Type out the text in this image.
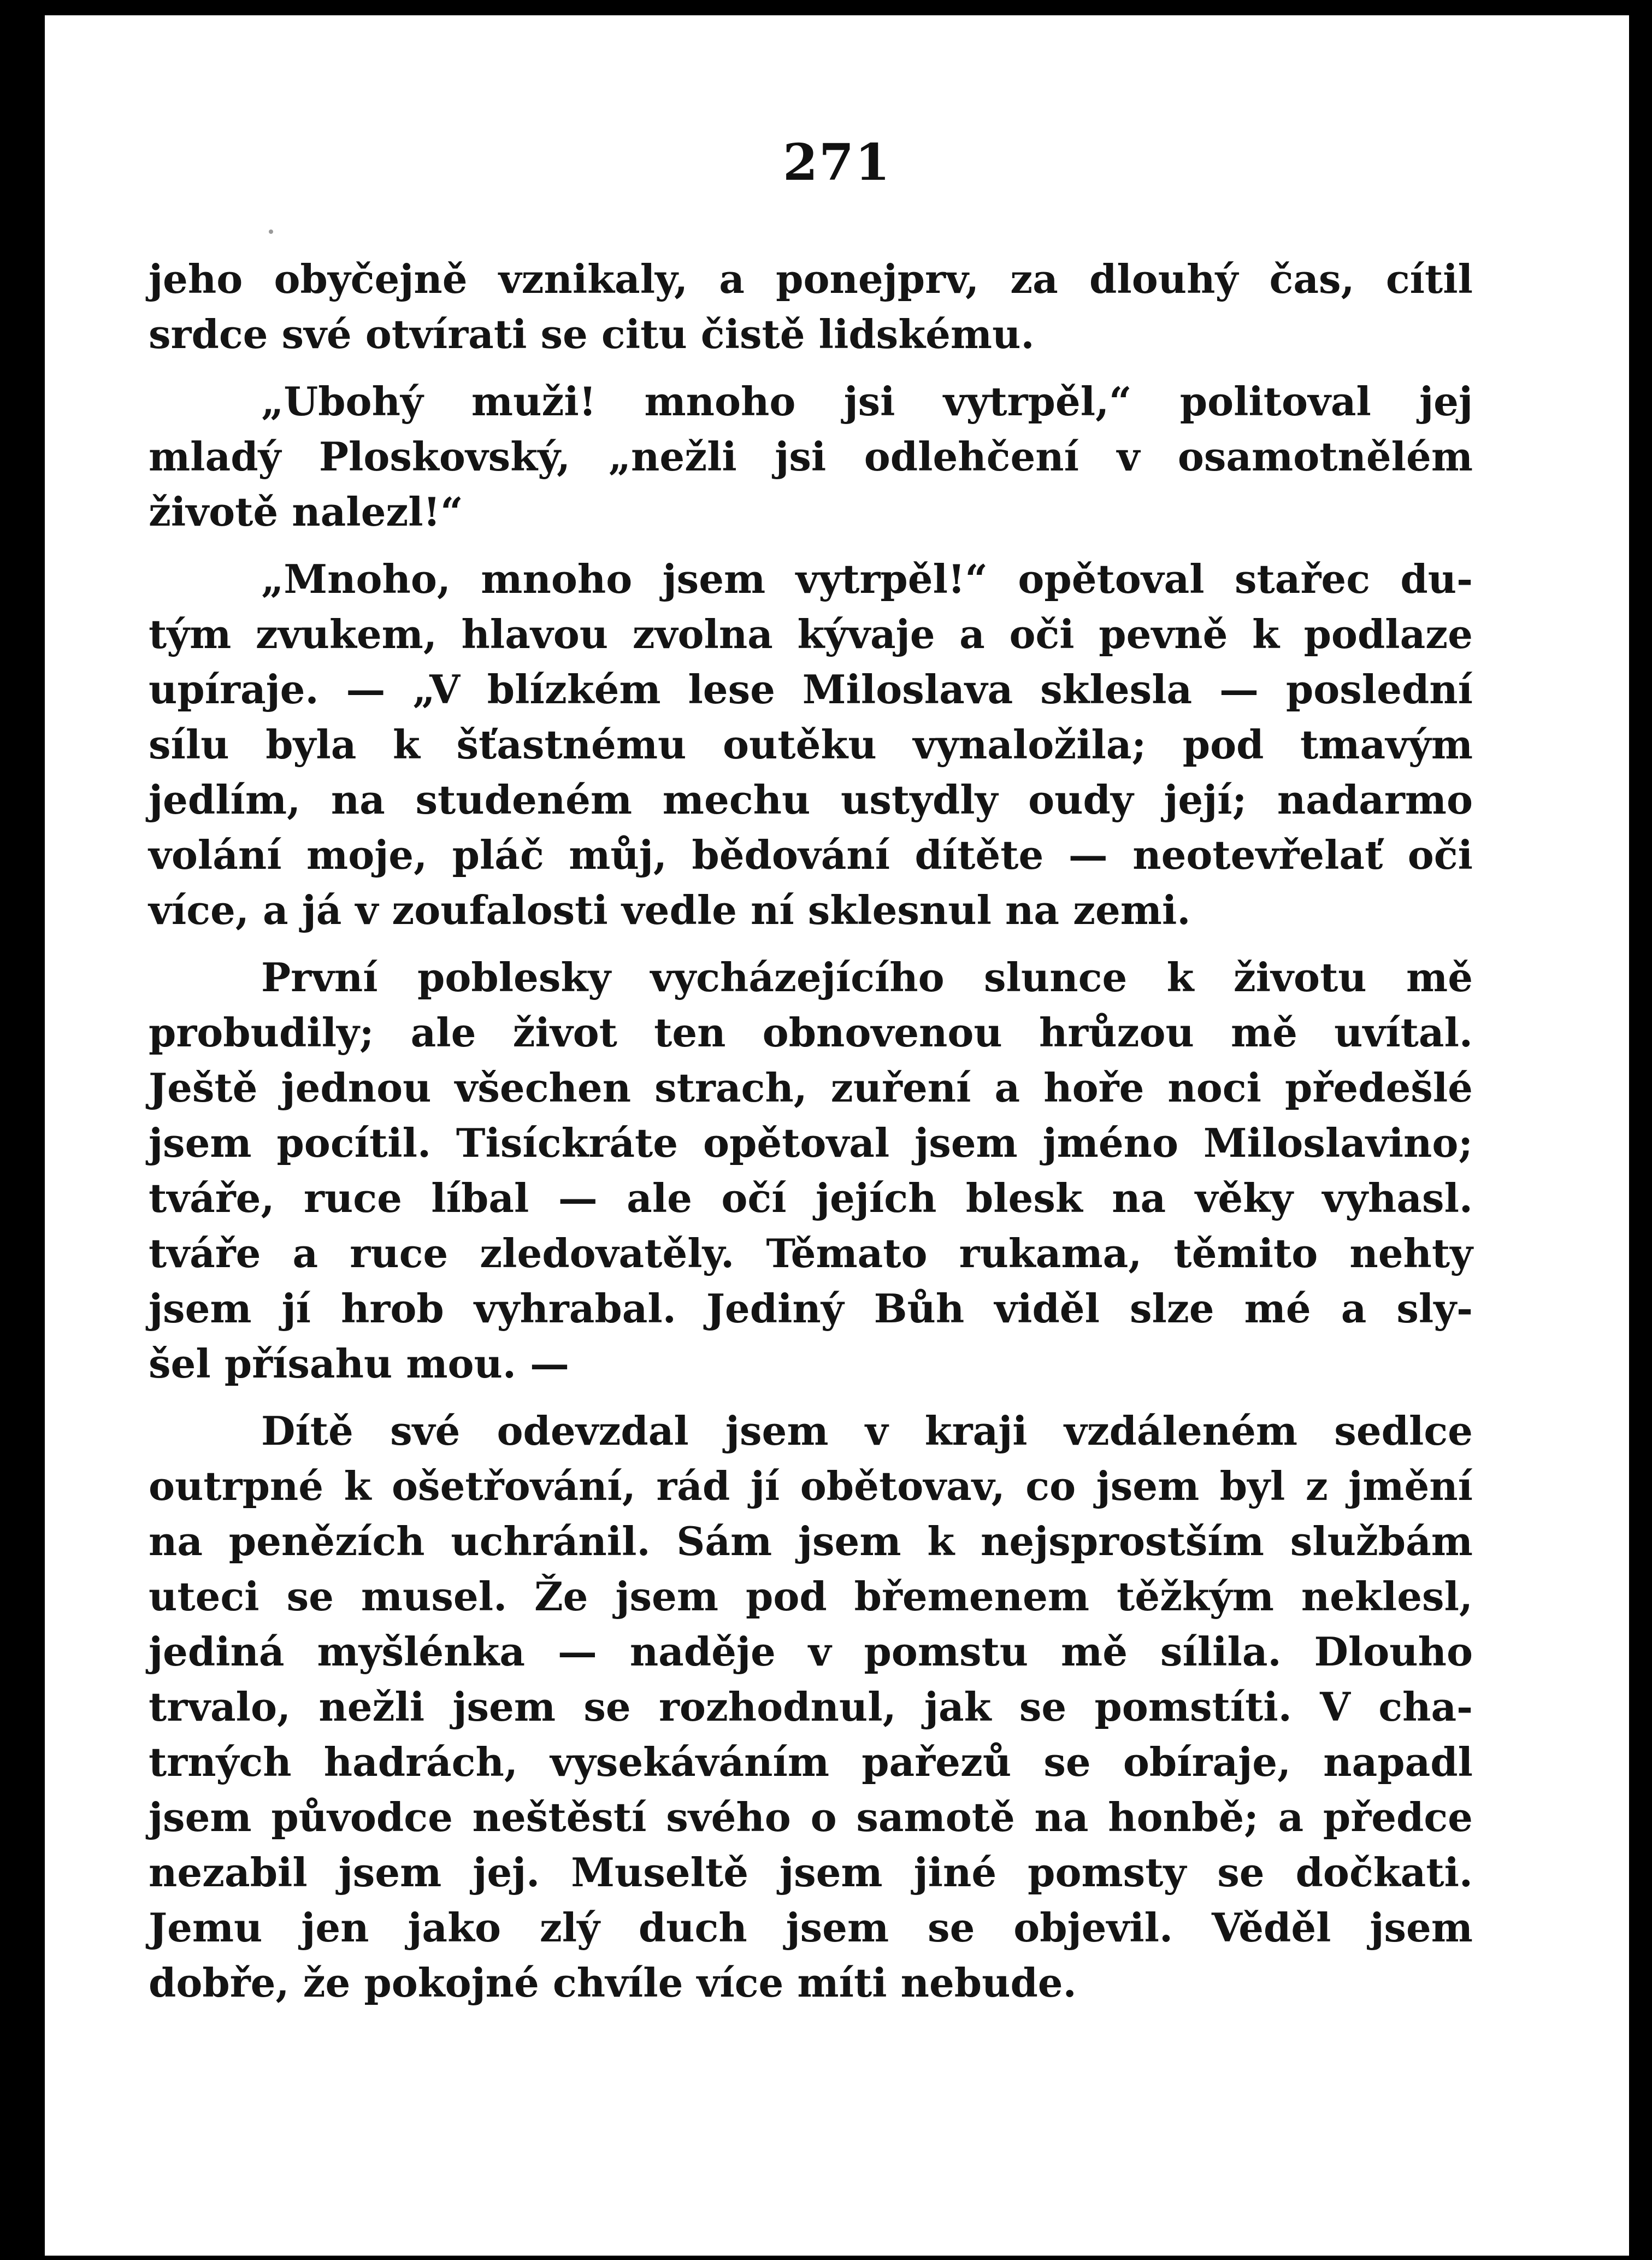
271

jeho obyčejně vznikaly, a ponejprv, za dlouhý čas, cítil
srdce své otvírati se citu čistě lidskému.

„Ubohý muži! mnoho jsi vytrpěl,“ politoval jej
mladý Ploskovský, „nežli jsi odlehčení v osamotnělém
životě nalezl!“

„Mnoho, mnoho jsem vytrpěl!“ opětoval stařec du-
tým zvukem, hlavou zvolna kývaje a oči pevně k podlaze
upíraje. — „V blízkém lese Miloslava sklesla — poslední
sílu byla k šťastnému outěku vynaložila; pod tmavým
jedlím, na studeném mechu ustydly oudy její; nadarmo
volání moje, pláč můj, bědování dítěte — neotevřelať oči
více, a já v zoufalosti vedle ní sklesnul na zemi.

První poblesky vycházejícího slunce k životu mě
probudily; ale život ten obnovenou hrůzou mě uvítal.
Ještě jednou všechen strach, zuření a hoře noci předešlé
jsem pocítil. Tisíckráte opětoval jsem jméno Miloslavino;
tváře, ruce líbal — ale očí jejích blesk na věky vyhasl.
tváře a ruce zledovatěly. Těmato rukama, těmito nehty
jsem jí hrob vyhrabal. Jediný Bůh viděl slze mé a sly-
šel přísahu mou. —

Dítě své odevzdal jsem v kraji vzdáleném sedlce
outrpné k ošetřování, rád jí obětovav, co jsem byl z jmění
na penězích uchránil. Sám jsem k nejsprostším službám
uteci se musel. Že jsem pod břemenem těžkým neklesl,
jediná myšlénka — naděje v pomstu mě sílila. Dlouho
trvalo, nežli jsem se rozhodnul, jak se pomstíti. V cha-
trných hadrách, vysekáváním pařezů se obíraje, napadl
jsem původce neštěstí svého o samotě na honbě; a předce
nezabil jsem jej. Museltě jsem jiné pomsty se dočkati.
Jemu jen jako zlý duch jsem se objevil. Věděl jsem
dobře, že pokojné chvíle více míti nebude.
